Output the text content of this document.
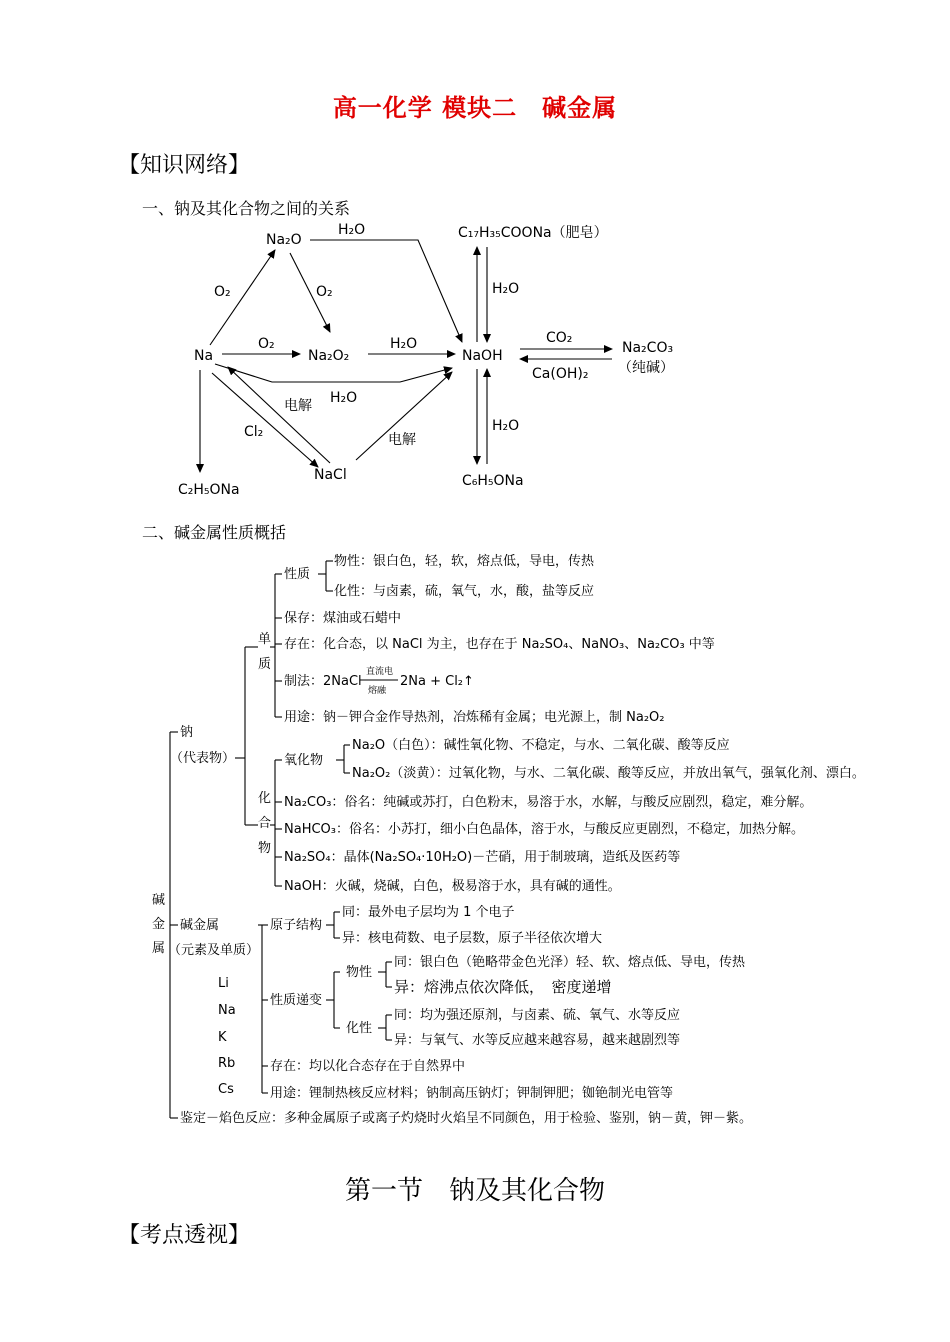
高一化学 模块二　碱金属
【知识网络】
一、钠及其化合物之间的关系
Na
Na₂O
Na₂O₂	NaOH
NaCl
C₂H₅ONa
C₁₇H₃₅COONa（肥皂）
Na₂CO₃
（纯碱）
C₆H₅ONa
O₂	O₂
O₂
H₂O
H₂O
H₂O
电解
Cl₂	电解
H₂O
CO₂
Ca(OH)₂
H₂O
二、碱金属性质概括
碱
金
属
钠
（代表物）
单
质
性质
物性：银白色，轻，软，熔点低，导电，传热
化性：与卤素，硫，氧气，水，酸，盐等反应
保存：煤油或石蜡中
存在：化合态，以 NaCl 为主，也存在于 Na₂SO₄、NaNO₃、Na₂CO₃ 中等
制法：2NaCl
直流电
熔融
2Na + Cl₂↑
用途：钠－钾合金作导热剂，冶炼稀有金属；电光源上，制 Na₂O₂
化
合
物
氧化物
Na₂O（白色）：碱性氧化物、不稳定，与水、二氧化碳、酸等反应
Na₂O₂（淡黄）：过氧化物，与水、二氧化碳、酸等反应，并放出氧气，强氧化剂、漂白。
Na₂CO₃：俗名：纯碱或苏打，白色粉末，易溶于水，水解，与酸反应剧烈，稳定，难分解。
NaHCO₃：俗名：小苏打，细小白色晶体，溶于水，与酸反应更剧烈，不稳定，加热分解。
Na₂SO₄：晶体(Na₂SO₄·10H₂O)－芒硝，用于制玻璃，造纸及医药等
NaOH：火碱，烧碱，白色，极易溶于水，具有碱的通性。
碱金属
（元素及单质）
Li
Na
K
Rb
Cs
原子结构
同：最外电子层均为 1 个电子
异：核电荷数、电子层数，原子半径依次增大
性质递变
物性
同：银白色（铯略带金色光泽）轻、软、熔点低、导电，传热
异：熔沸点依次降低，　密度递增
化性
同：均为强还原剂，与卤素、硫、氧气、水等反应
异：与氧气、水等反应越来越容易，越来越剧烈等
存在：均以化合态存在于自然界中
用途：锂制热核反应材料；钠制高压钠灯；钾制钾肥；铷铯制光电管等
鉴定－焰色反应：多种金属原子或离子灼烧时火焰呈不同颜色，用于检验、鉴别，钠－黄，钾－紫。
第一节　钠及其化合物
【考点透视】
